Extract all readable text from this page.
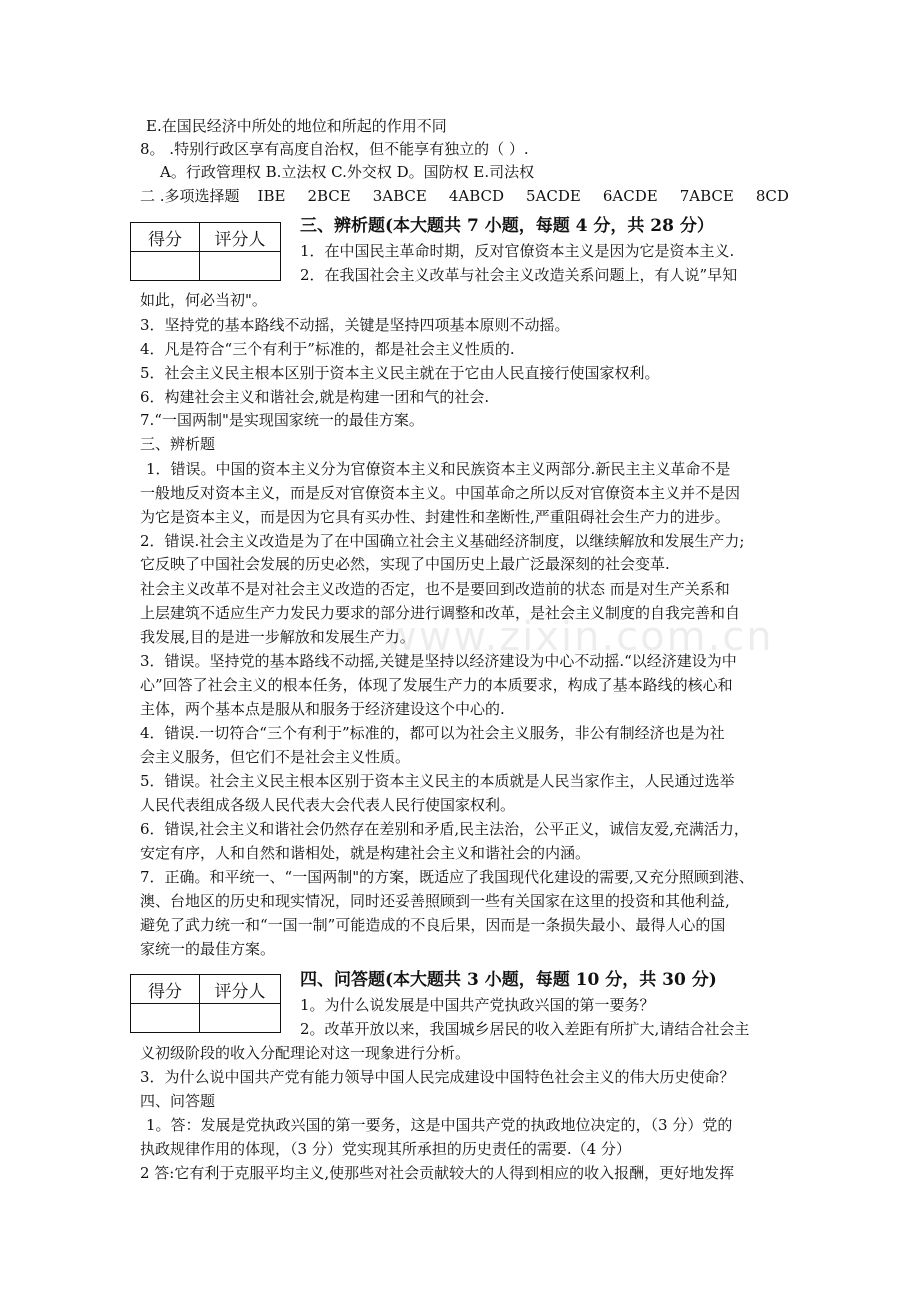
E.在国民经济中所处的地位和所起的作用不同
8。 .特别行政区享有高度自治权，但不能享有独立的（ ）.
A。行政管理权 B.立法权 C.外交权 D。国防权 E.司法权
二 .多项选择题 IBE 2BCE 3ABCE 4ABCD 5ACDE 6ACDE 7ABCE 8CD
得分	评分人

三、辨析题(本大题共 7 小题，每题 4 分，共 28 分）
1．在中国民主革命时期，反对官僚资本主义是因为它是资本主义.
2．在我国社会主义改革与社会主义改造关系问题上，有人说”早知
如此，何必当初"。
3．坚持党的基本路线不动摇，关键是坚持四项基本原则不动摇。
4．凡是符合“三个有利于”标准的，都是社会主义性质的.
5．社会主义民主根本区别于资本主义民主就在于它由人民直接行使国家权利。
6．构建社会主义和谐社会,就是构建一团和气的社会.
7.“一国两制"是实现国家统一的最佳方案。
三、辨析题
1．错误。中国的资本主义分为官僚资本主义和民族资本主义两部分.新民主主义革命不是
一般地反对资本主义，而是反对官僚资本主义。中国革命之所以反对官僚资本主义并不是因
为它是资本主义，而是因为它具有买办性、封建性和垄断性,严重阻碍社会生产力的进步。
2．错误.社会主义改造是为了在中国确立社会主义基础经济制度，以继续解放和发展生产力;
它反映了中国社会发展的历史必然，实现了中国历史上最广泛最深刻的社会变革.
社会主义改革不是对社会主义改造的否定，也不是要回到改造前的状态 而是对生产关系和
上层建筑不适应生产力发民力要求的部分进行调整和改革，是社会主义制度的自我完善和自
我发展,目的是进一步解放和发展生产力。
3．错误。坚持党的基本路线不动摇,关键是坚持以经济建设为中心不动摇.“以经济建设为中
心”回答了社会主义的根本任务，体现了发展生产力的本质要求，构成了基本路线的核心和
主体，两个基本点是服从和服务于经济建设这个中心的.
4．错误.一切符合“三个有利于”标准的，都可以为社会主义服务，非公有制经济也是为社
会主义服务，但它们不是社会主义性质。
5．错误。社会主义民主根本区别于资本主义民主的本质就是人民当家作主，人民通过选举
人民代表组成各级人民代表大会代表人民行使国家权利。
6．错误,社会主义和谐社会仍然存在差别和矛盾,民主法治，公平正义，诚信友爱,充满活力，
安定有序，人和自然和谐相处，就是构建社会主义和谐社会的内涵。
7．正确。和平统一、“一国两制"的方案，既适应了我国现代化建设的需要,又充分照顾到港、
澳、台地区的历史和现实情况，同时还妥善照顾到一些有关国家在这里的投资和其他利益,
避免了武力统一和“一国一制”可能造成的不良后果，因而是一条损失最小、最得人心的国
家统一的最佳方案。
得分	评分人

四、问答题(本大题共 3 小题，每题 10 分，共 30 分)
1。为什么说发展是中国共产党执政兴国的第一要务？
2。改革开放以来，我国城乡居民的收入差距有所扩大,请结合社会主
义初级阶段的收入分配理论对这一现象进行分析。
3．为什么说中国共产党有能力领导中国人民完成建设中国特色社会主义的伟大历史使命？
四、问答题
1。答：发展是党执政兴国的第一要务，这是中国共产党的执政地位决定的，（3 分）党的
执政规律作用的体现，（3 分）党实现其所承担的历史责任的需要.（4 分）
2 答:它有利于克服平均主义,使那些对社会贡献较大的人得到相应的收入报酬，更好地发挥
www.zixin.com.cn
